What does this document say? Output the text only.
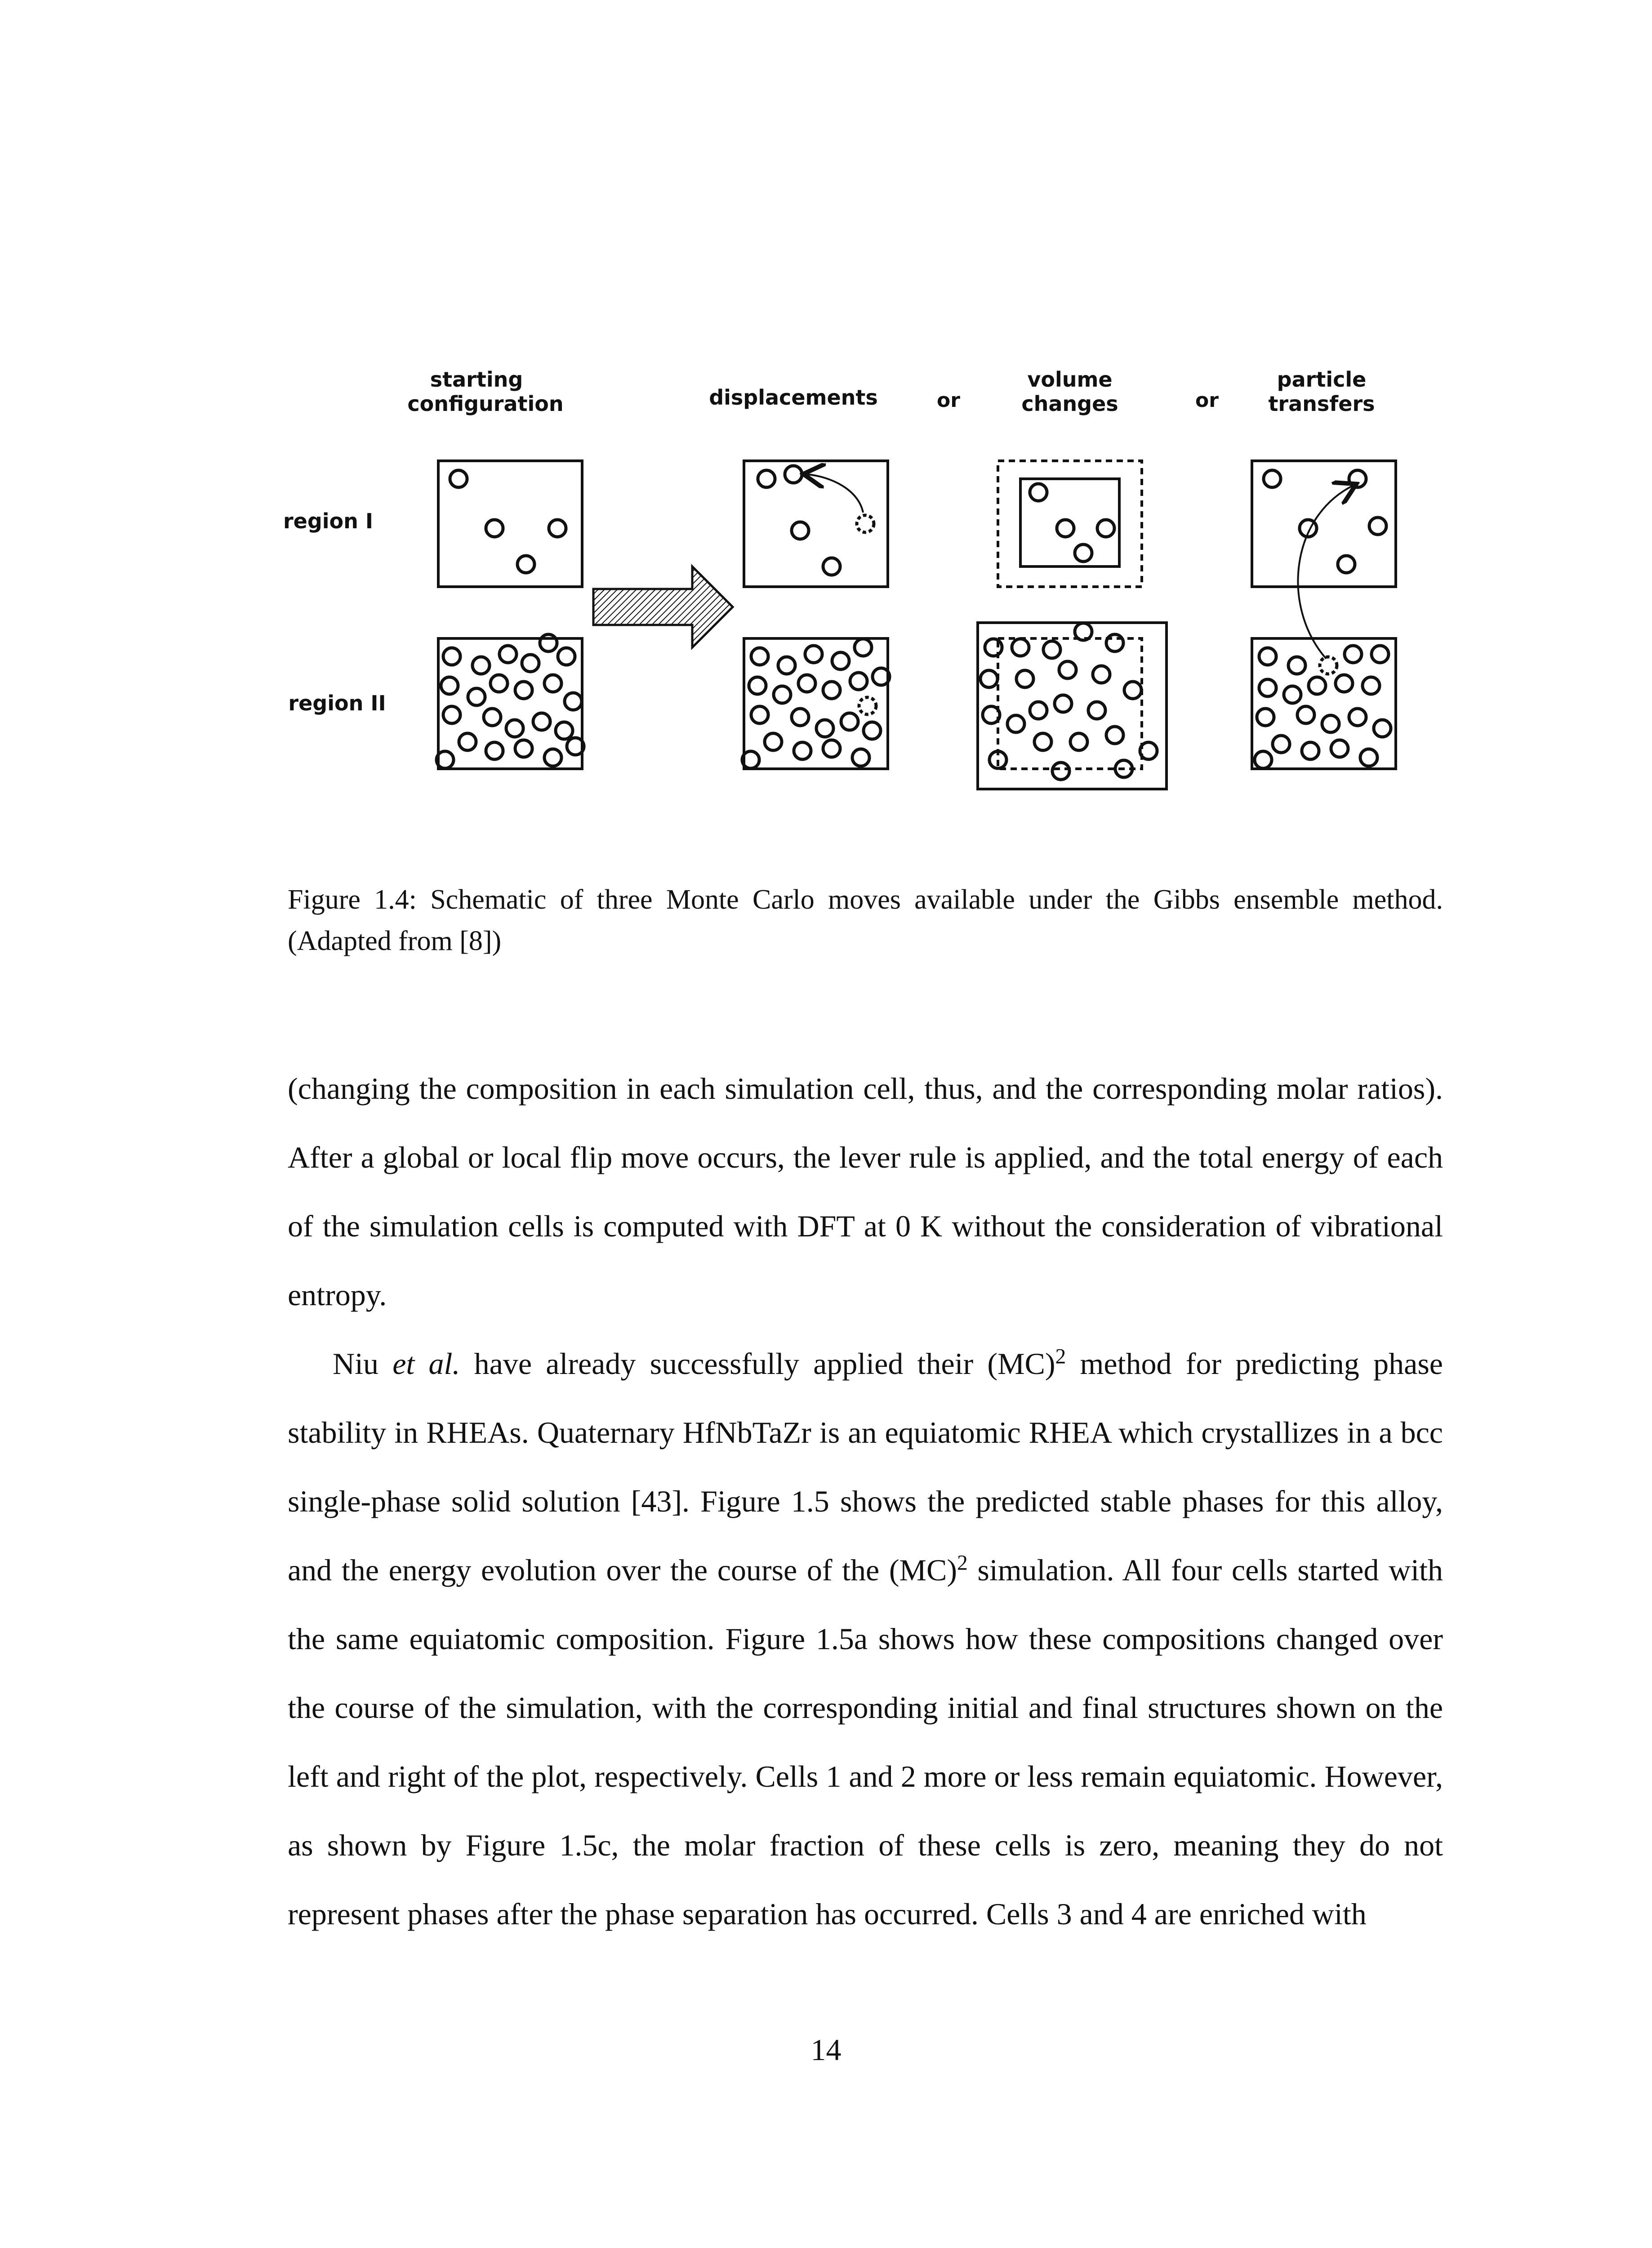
starting
configuration	displacements	or
volume
changes	or
particle
transfers
region I
region II
Figure 1.4: Schematic of three Monte Carlo moves available under the Gibbs ensemble method. (Adapted from [8])

(changing the composition in each simulation cell, thus, and the corresponding molar ratios). After a global or local flip move occurs, the lever rule is applied, and the total energy of each of the simulation cells is computed with DFT at 0 K without the consideration of vibrational entropy.

Niu et al. have already successfully applied their (MC)$^2$ method for predicting phase stability in RHEAs. Quaternary HfNbTaZr is an equiatomic RHEA which crystallizes in a bcc single-phase solid solution [43]. Figure 1.5 shows the predicted stable phases for this alloy, and the energy evolution over the course of the (MC)$^2$ simulation. All four cells started with the same equiatomic composition. Figure 1.5a shows how these compositions changed over the course of the simulation, with the corresponding initial and final structures shown on the left and right of the plot, respectively. Cells 1 and 2 more or less remain equiatomic. However, as shown by Figure 1.5c, the molar fraction of these cells is zero, meaning they do not represent phases after the phase separation has occurred. Cells 3 and 4 are enriched with

14
